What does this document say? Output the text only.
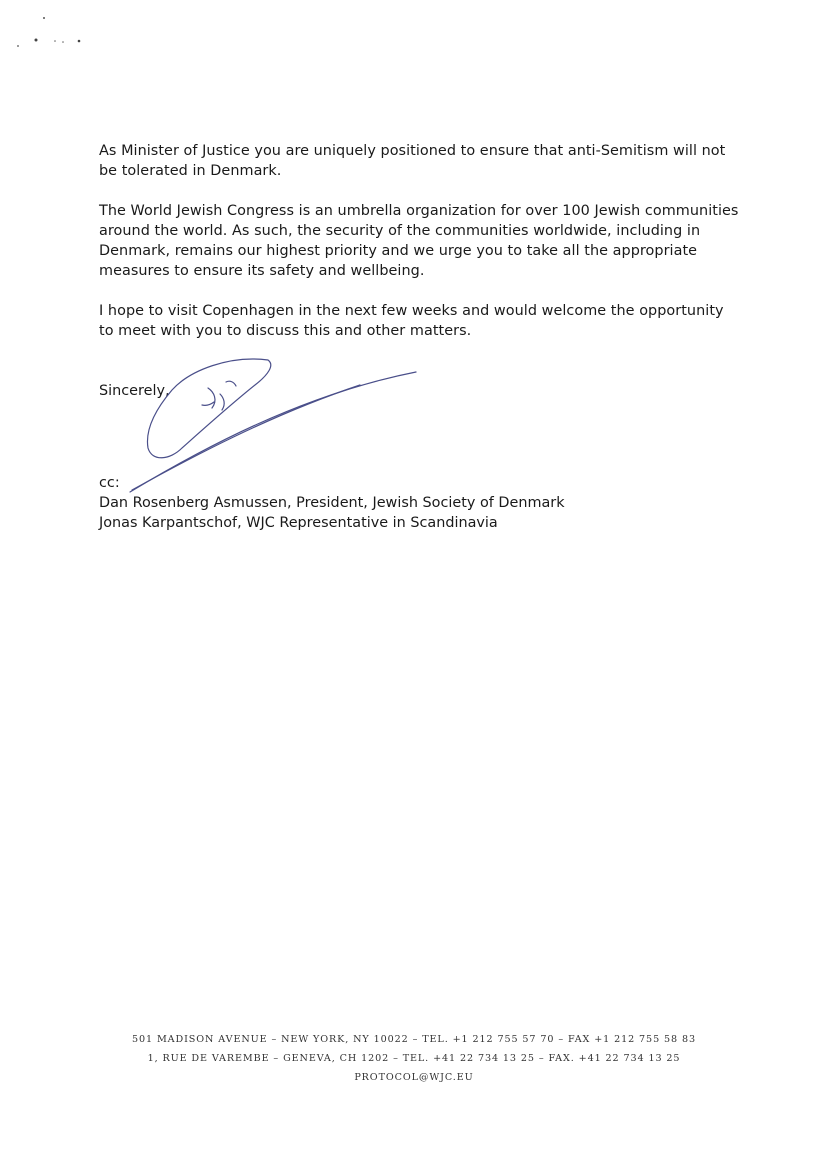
As Minister of Justice you are uniquely positioned to ensure that anti-Semitism will not be tolerated in Denmark.

The World Jewish Congress is an umbrella organization for over 100 Jewish communities around the world. As such, the security of the communities worldwide, including in Denmark, remains our highest priority and we urge you to take all the appropriate measures to ensure its safety and wellbeing.

I hope to visit Copenhagen in the next few weeks and would welcome the opportunity to meet with you to discuss this and other matters.

Sincerely,
cc:
Dan Rosenberg Asmussen, President, Jewish Society of Denmark
Jonas Karpantschof, WJC Representative in Scandinavia
501 MADISON AVENUE – NEW YORK, NY 10022 – TEL. +1 212 755 57 70 – FAX +1 212 755 58 83
1, RUE DE VAREMBE – GENEVA, CH 1202 – TEL. +41 22 734 13 25 – FAX. +41 22 734 13 25
PROTOCOL@WJC.EU
